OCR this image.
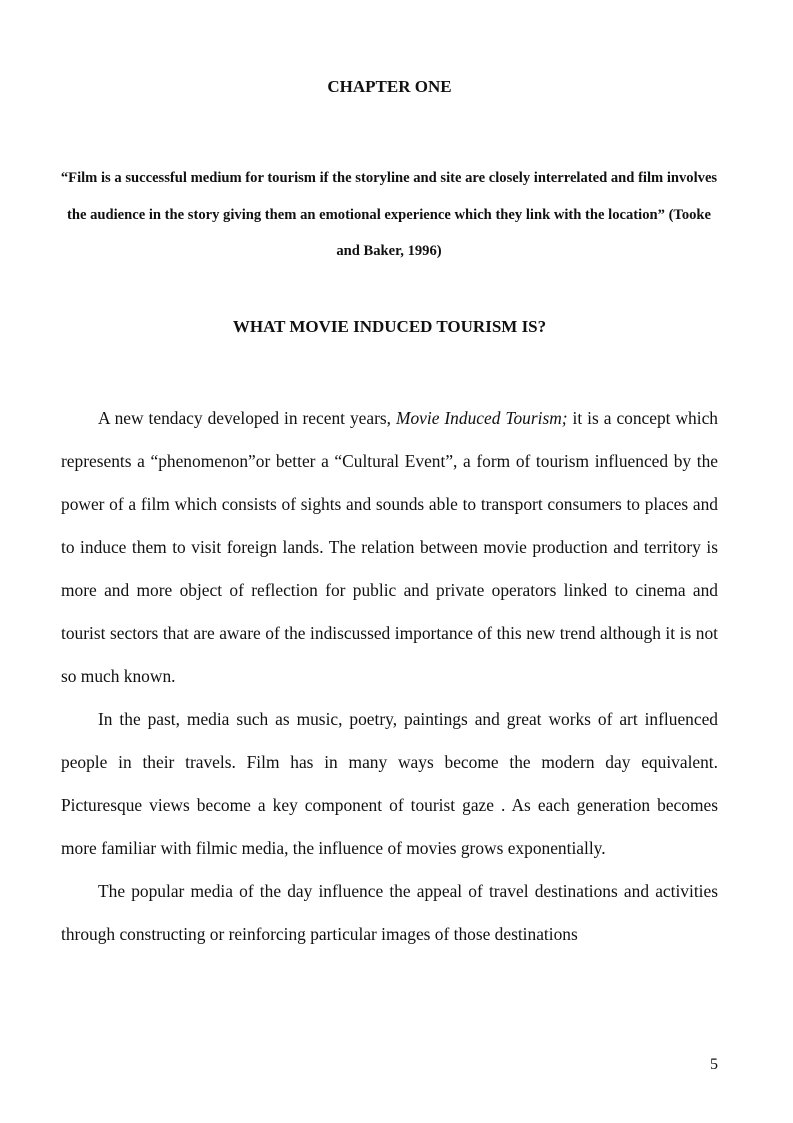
CHAPTER ONE

“Film is a successful medium for tourism if the storyline and site are closely interrelated and film involves the audience in the story giving them an emotional experience which they link with the location” (Tooke and Baker, 1996)

WHAT MOVIE INDUCED TOURISM IS?

A new tendacy developed in recent years, Movie Induced Tourism; it is a concept which represents a “phenomenon”or better a “Cultural Event”, a form of tourism influenced by the power of a film which consists of sights and sounds able to transport consumers to places and to induce them to visit foreign lands. The relation between movie production and territory is more and more object of reflection for public and private operators linked to cinema and tourist sectors that are aware of the indiscussed importance of this new trend although it is not so much known.

In the past, media such as music, poetry, paintings and great works of art influenced people in their travels. Film has in many ways become the modern day equivalent. Picturesque views become a key component of tourist gaze . As each generation becomes more familiar with filmic media, the influence of movies grows exponentially.

The popular media of the day influence the appeal of travel destinations and activities through constructing or reinforcing particular images of those destinations

5
